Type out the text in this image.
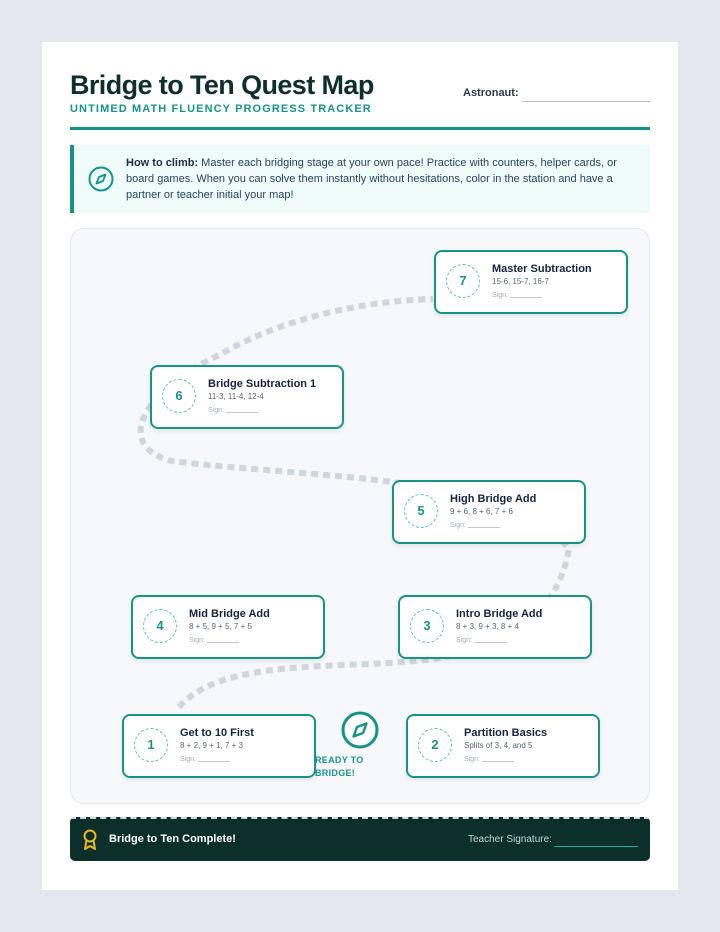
Bridge to Ten Quest Map
UNTIMED MATH FLUENCY PROGRESS TRACKER
Astronaut:
How to climb: Master each bridging stage at your own pace! Practice with counters, helper cards, or board games. When you can solve them instantly without hesitations, color in the station and have a partner or teacher initial your map!
1
Get to 10 First
8 + 2, 9 + 1, 7 + 3
Sign:
2
Partition Basics
Splits of 3, 4, and 5
Sign:
3
Intro Bridge Add
8 + 3, 9 + 3, 8 + 4
Sign:
4
Mid Bridge Add
8 + 5, 9 + 5, 7 + 5
Sign:
5
High Bridge Add
9 + 6, 8 + 6, 7 + 6
Sign:
6
Bridge Subtraction 1
11-3, 11-4, 12-4
Sign:
7
Master Subtraction
15-6, 15-7, 16-7
Sign:
READY TO BRIDGE!
Bridge to Ten Complete!	Teacher Signature:
